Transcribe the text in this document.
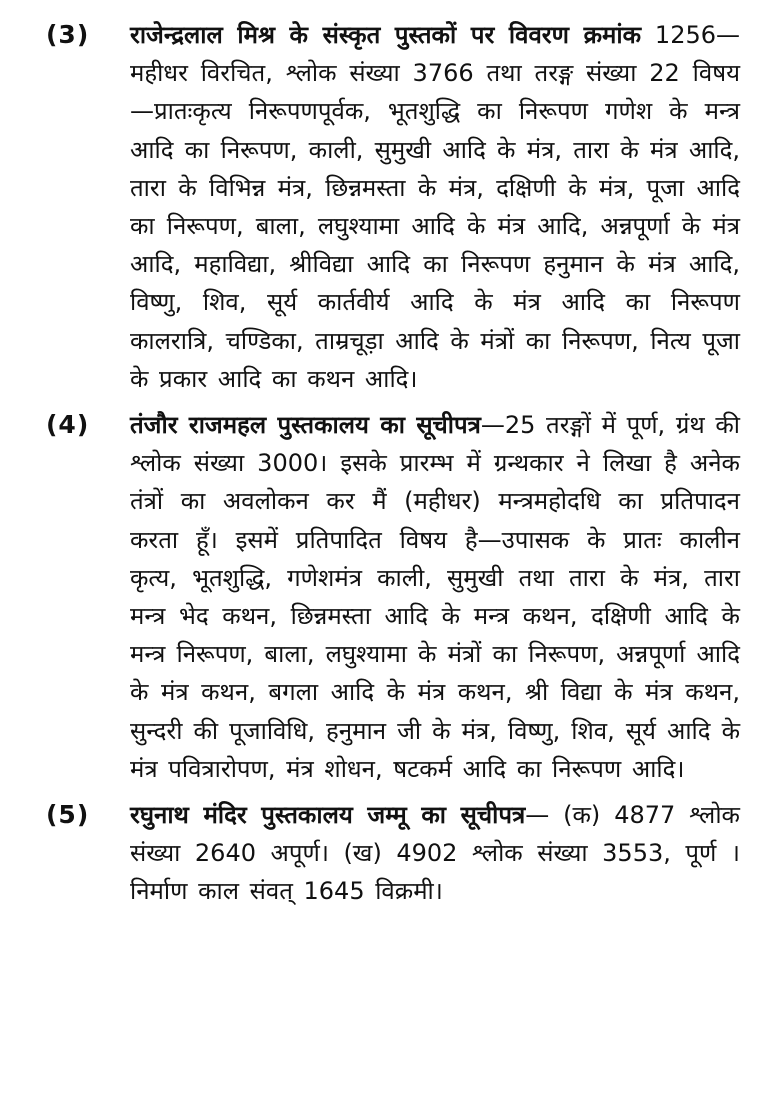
(3) राजेन्द्रलाल मिश्र के संस्कृत पुस्तकों पर विवरण क्रमांक 1256— महीधर विरचित, श्लोक संख्या 3766 तथा तरङ्ग संख्या 22 विषय—प्रातःकृत्य निरूपणपूर्वक, भूतशुद्धि का निरूपण गणेश के मन्त्र आदि का निरूपण, काली, सुमुखी आदि के मंत्र, तारा के मंत्र आदि, तारा के विभिन्न मंत्र, छिन्नमस्ता के मंत्र, दक्षिणी के मंत्र, पूजा आदि का निरूपण, बाला, लघुश्यामा आदि के मंत्र आदि, अन्नपूर्णा के मंत्र आदि, महाविद्या, श्रीविद्या आदि का निरूपण हनुमान के मंत्र आदि, विष्णु, शिव, सूर्य कार्तवीर्य आदि के मंत्र आदि का निरूपण कालरात्रि, चण्डिका, ताम्रचूड़ा आदि के मंत्रों का निरूपण, नित्य पूजा के प्रकार आदि का कथन आदि।
(4) तंजौर राजमहल पुस्तकालय का सूचीपत्र—25 तरङ्गों में पूर्ण, ग्रंथ की श्लोक संख्या 3000। इसके प्रारम्भ में ग्रन्थकार ने लिखा है अनेक तंत्रों का अवलोकन कर मैं (महीधर) मन्त्रमहोदधि का प्रतिपादन करता हूँ। इसमें प्रतिपादित विषय है—उपासक के प्रातः कालीन कृत्य, भूतशुद्धि, गणेशमंत्र काली, सुमुखी तथा तारा के मंत्र, तारा मन्त्र भेद कथन, छिन्नमस्ता आदि के मन्त्र कथन, दक्षिणी आदि के मन्त्र निरूपण, बाला, लघुश्यामा के मंत्रों का निरूपण, अन्नपूर्णा आदि के मंत्र कथन, बगला आदि के मंत्र कथन, श्री विद्या के मंत्र कथन, सुन्दरी की पूजाविधि, हनुमान जी के मंत्र, विष्णु, शिव, सूर्य आदि के मंत्र पवित्रारोपण, मंत्र शोधन, षटकर्म आदि का निरूपण आदि।
(5) रघुनाथ मंदिर पुस्तकालय जम्मू का सूचीपत्र— (क) 4877 श्लोक संख्या 2640 अपूर्ण। (ख) 4902 श्लोक संख्या 3553, पूर्ण । निर्माण काल संवत् 1645 विक्रमी।
